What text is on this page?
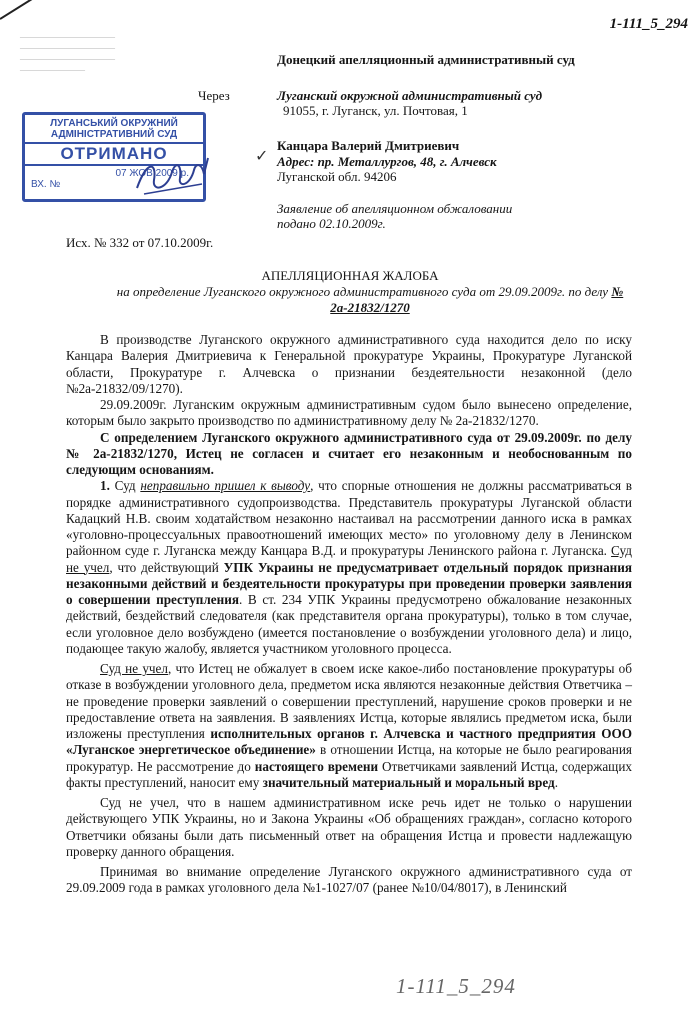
1-111_5_294
___________________
___________________
___________________
_____________
ЛУГАНСЬКИЙ ОКРУЖНИЙ
АДМІНІСТРАТИВНИЙ СУД
ОТРИМАНО
07 ЖОВ 2009 р.
ВХ. №
Через
Донецкий апелляционный административный суд
Луганский окружной административный суд
91055, г. Луганск, ул. Почтовая, 1
✓
Канцара Валерий Дмитриевич
Адрес: пр. Металлургов, 48, г. Алчевск
Луганской обл. 94206
Заявление об апелляционном обжаловании
подано 02.10.2009г.
Исх. № 332 от 07.10.2009г.
АПЕЛЛЯЦИОННАЯ ЖАЛОБА
на определение Луганского окружного административного суда от 29.09.2009г. по делу № 2а-21832/1270

В производстве Луганского окружного административного суда находится дело по иску Канцара Валерия Дмитриевича к Генеральной прокуратуре Украины, Прокуратуре Луганской области, Прокуратуре г. Алчевска о признании бездеятельности незаконной (дело №2а-21832/09/1270).

29.09.2009г. Луганским окружным административным судом было вынесено определение, которым было закрыто производство по административному делу № 2а-21832/1270.

С определением Луганского окружного административного суда от 29.09.2009г. по делу № 2а-21832/1270, Истец не согласен и считает его незаконным и необоснованным по следующим основаниям.

1. Суд неправильно пришел к выводу, что спорные отношения не должны рассматриваться в порядке административного судопроизводства. Представитель прокуратуры Луганской области Кадацкий Н.В. своим ходатайством незаконно настаивал на рассмотрении данного иска в рамках «уголовно-процессуальных правоотношений имеющих место» по уголовному делу в Ленинском районном суде г. Луганска между Канцара В.Д. и прокуратуры Ленинского района г. Луганска. Суд не учел, что действующий УПК Украины не предусматривает отдельный порядок признания незаконными действий и бездеятельности прокуратуры при проведении проверки заявления о совершении преступления. В ст. 234 УПК Украины предусмотрено обжалование незаконных действий, бездействий следователя (как представителя органа прокуратуры), только в том случае, если уголовное дело возбуждено (имеется постановление о возбуждении уголовного дела) и лицо, подающее такую жалобу, является участником уголовного процесса.

Суд не учел, что Истец не обжалует в своем иске какое-либо постановление прокуратуры об отказе в возбуждении уголовного дела, предметом иска являются незаконные действия Ответчика – не проведение проверки заявлений о совершении преступлений, нарушение сроков проверки и не предоставление ответа на заявления. В заявлениях Истца, которые являлись предметом иска, были изложены преступления исполнительных органов г. Алчевска и частного предприятия ООО «Луганское энергетическое объединение» в отношении Истца, на которые не было реагирования прокуратур. Не рассмотрение до настоящего времени Ответчиками заявлений Истца, содержащих факты преступлений, наносит ему значительный материальный и моральный вред.

Суд не учел, что в нашем административном иске речь идет не только о нарушении действующего УПК Украины, но и Закона Украины «Об обращениях граждан», согласно которого Ответчики обязаны были дать письменный ответ на обращения Истца и провести надлежащую проверку данного обращения.

Принимая во внимание определение Луганского окружного административного суда от 29.09.2009 года в рамках уголовного дела №1-1027/07 (ранее №10/04/8017), в Ленинский

1-111_5_294
